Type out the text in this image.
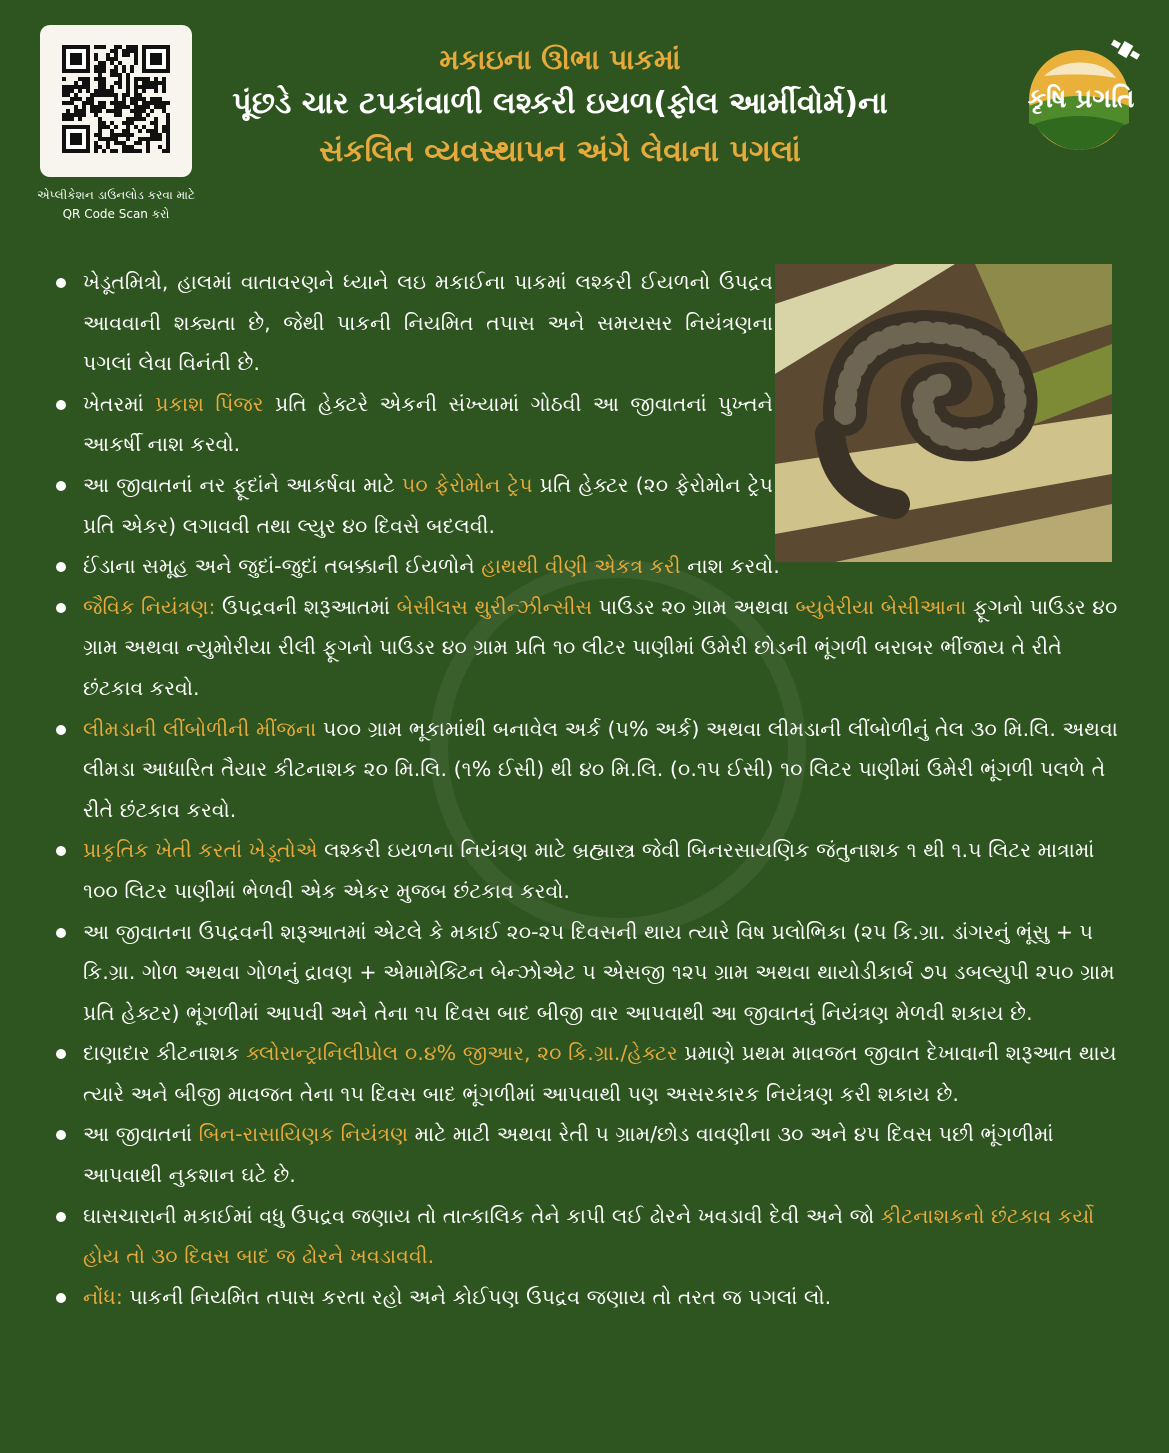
એપ્લીકેશન ડાઉનલોડ કરવા માટે
QR Code Scan કરો
મકાઇના ઊભા પાકમાં
પૂંછડે ચાર ટપકાંવાળી લશ્કરી ઇયળ(ફોલ આર્મીવોર્મ)ના
સંકલિત વ્યવસ્થાપન અંગે લેવાના પગલાં
કૃષિ પ્રગતિ
ખેડૂતમિત્રો, હાલમાં વાતાવરણને ધ્યાને લઇ મકાઈના પાકમાં લશ્કરી ઈયળનો ઉપદ્રવ આવવાની શક્યતા છે, જેથી પાકની નિયમિત તપાસ અને સમયસર નિયંત્રણના પગલાં લેવા વિનંતી છે.
ખેતરમાં પ્રકાશ પિંજર પ્રતિ હેક્ટરે એકની સંખ્યામાં ગોઠવી આ જીવાતનાં પુખ્તને આકર્ષી નાશ કરવો.
આ જીવાતનાં નર ફૂદાંને આકર્ષવા માટે ૫૦ ફેરોમોન ટ્રેપ પ્રતિ હેક્ટર (૨૦ ફેરોમોન ટ્રેપ પ્રતિ એકર) લગાવવી તથા લ્યુર ૪૦ દિવસે બદલવી.
ઈંડાના સમૂહ અને જુદાં-જુદાં તબક્કાની ઈયળોને હાથથી વીણી એકત્ર કરી નાશ કરવો.
જૈવિક નિયંત્રણ: ઉપદ્રવની શરૂઆતમાં બેસીલસ થુરીન્ઝીન્સીસ પાઉડર ૨૦ ગ્રામ અથવા બ્યુવેરીયા બેસીઆના ફૂગનો પાઉડર ૪૦ ગ્રામ અથવા ન્યુમોરીયા રીલી ફૂગનો પાઉડર ૪૦ ગ્રામ પ્રતિ ૧૦ લીટર પાણીમાં ઉમેરી છોડની ભૂંગળી બરાબર ભીંજાય તે રીતે છંટકાવ કરવો.
લીમડાની લીંબોળીની મીંજના ૫૦૦ ગ્રામ ભૂકામાંથી બનાવેલ અર્ક (૫% અર્ક) અથવા લીમડાની લીંબોળીનું તેલ ૩૦ મિ.લિ. અથવા લીમડા આધારિત તૈયાર કીટનાશક ૨૦ મિ.લિ. (૧% ઈસી) થી ૪૦ મિ.લિ. (૦.૧૫ ઈસી) ૧૦ લિટર પાણીમાં ઉમેરી ભૂંગળી પલળે તે રીતે છંટકાવ કરવો.
પ્રાકૃતિક ખેતી કરતાં ખેડૂતોએ લશ્કરી ઇયળના નિયંત્રણ માટે બ્રહ્માસ્ત્ર જેવી બિનરસાયણિક જંતુનાશક ૧ થી ૧.૫ લિટર માત્રામાં ૧૦૦ લિટર પાણીમાં ભેળવી એક એકર મુજબ છંટકાવ કરવો.
આ જીવાતના ઉપદ્રવની શરૂઆતમાં એટલે કે મકાઈ ૨૦-૨૫ દિવસની થાય ત્યારે વિષ પ્રલોભિકા (૨૫ કિ.ગ્રા. ડાંગરનું ભૂંસુ + ૫ કિ.ગ્રા. ગોળ અથવા ગોળનું દ્રાવણ + એમામેક્ટિન બેન્ઝોએટ ૫ એસજી ૧૨૫ ગ્રામ અથવા થાયોડીકાર્બ ૭૫ ડબલ્યુપી ૨૫૦ ગ્રામ પ્રતિ હેક્ટર) ભૂંગળીમાં આપવી અને તેના ૧૫ દિવસ બાદ બીજી વાર આપવાથી આ જીવાતનું નિયંત્રણ મેળવી શકાય છે.
દાણાદાર કીટનાશક ક્લોરાન્ટ્રાનિલીપ્રોલ ૦.૪% જીઆર, ૨૦ કિ.ગ્રા./હેક્ટર પ્રમાણે પ્રથમ માવજત જીવાત દેખાવાની શરૂઆત થાય ત્યારે અને બીજી માવજત તેના ૧૫ દિવસ બાદ ભૂંગળીમાં આપવાથી પણ અસરકારક નિયંત્રણ કરી શકાય છે.
આ જીવાતનાં બિન-રાસાયિણક નિયંત્રણ માટે માટી અથવા રેતી ૫ ગ્રામ/છોડ વાવણીના ૩૦ અને ૪૫ દિવસ પછી ભૂંગળીમાં આપવાથી નુકશાન ઘટે છે.
ઘાસચારાની મકાઈમાં વધુ ઉપદ્રવ જણાય તો તાત્કાલિક તેને કાપી લઈ ઢોરને ખવડાવી દેવી અને જો કીટનાશકનો છંટકાવ કર્યો હોય તો ૩૦ દિવસ બાદ જ ઢોરને ખવડાવવી.
નોંધ: પાકની નિયમિત તપાસ કરતા રહો અને કોઈપણ ઉપદ્રવ જણાય તો તરત જ પગલાં લો.
